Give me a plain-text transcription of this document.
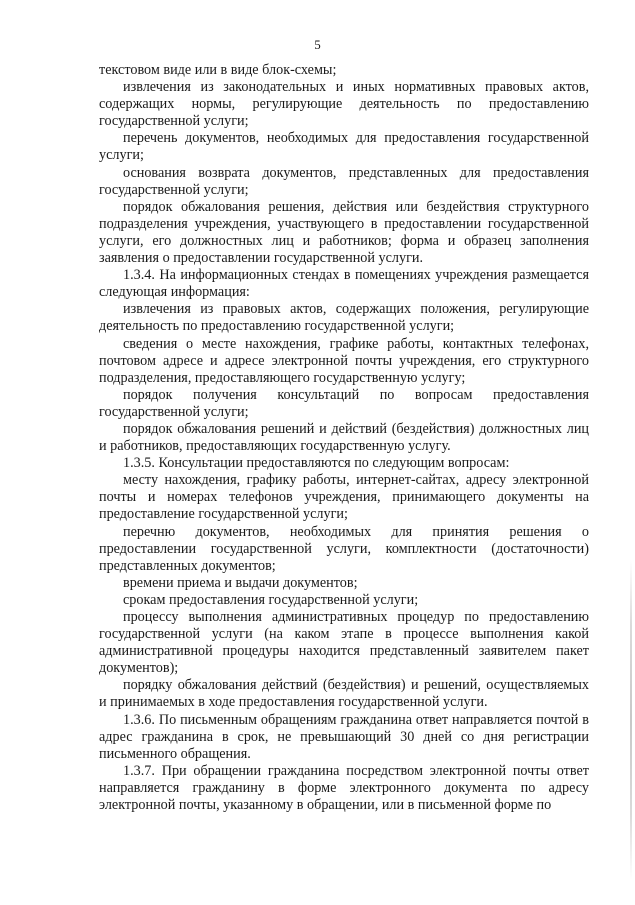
5

текстовом виде или в виде блок-схемы;

извлечения из законодательных и иных нормативных правовых актов, содержащих нормы, регулирующие деятельность по предоставлению государственной услуги;

перечень документов, необходимых для предоставления государственной услуги;

основания возврата документов, представленных для предоставления государственной услуги;

порядок обжалования решения, действия или бездействия структурного подразделения учреждения, участвующего в предоставлении государственной услуги, его должностных лиц и работников; форма и образец заполнения заявления о предоставлении государственной услуги.

1.3.4. На информационных стендах в помещениях учреждения размещается следующая информация:

извлечения из правовых актов, содержащих положения, регулирующие деятельность по предоставлению государственной услуги;

сведения о месте нахождения, графике работы, контактных телефонах, почтовом адресе и адресе электронной почты учреждения, его структурного подразделения, предоставляющего государственную услугу;

порядок получения консультаций по вопросам предоставления государственной услуги;

порядок обжалования решений и действий (бездействия) должностных лиц и работников, предоставляющих государственную услугу.

1.3.5. Консультации предоставляются по следующим вопросам:

месту нахождения, графику работы, интернет-сайтах, адресу электронной почты и номерах телефонов учреждения, принимающего документы на предоставление государственной услуги;

перечню документов, необходимых для принятия решения о предоставлении государственной услуги, комплектности (достаточности) представленных документов;

времени приема и выдачи документов;

срокам предоставления государственной услуги;

процессу выполнения административных процедур по предоставлению государственной услуги (на каком этапе в процессе выполнения какой административной процедуры находится представленный заявителем пакет документов);

порядку обжалования действий (бездействия) и решений, осуществляемых и принимаемых в ходе предоставления государственной услуги.

1.3.6. По письменным обращениям гражданина ответ направляется почтой в адрес гражданина в срок, не превышающий 30 дней со дня регистрации письменного обращения.

1.3.7. При обращении гражданина посредством электронной почты ответ направляется гражданину в форме электронного документа по адресу электронной почты, указанному в обращении, или в письменной форме по
